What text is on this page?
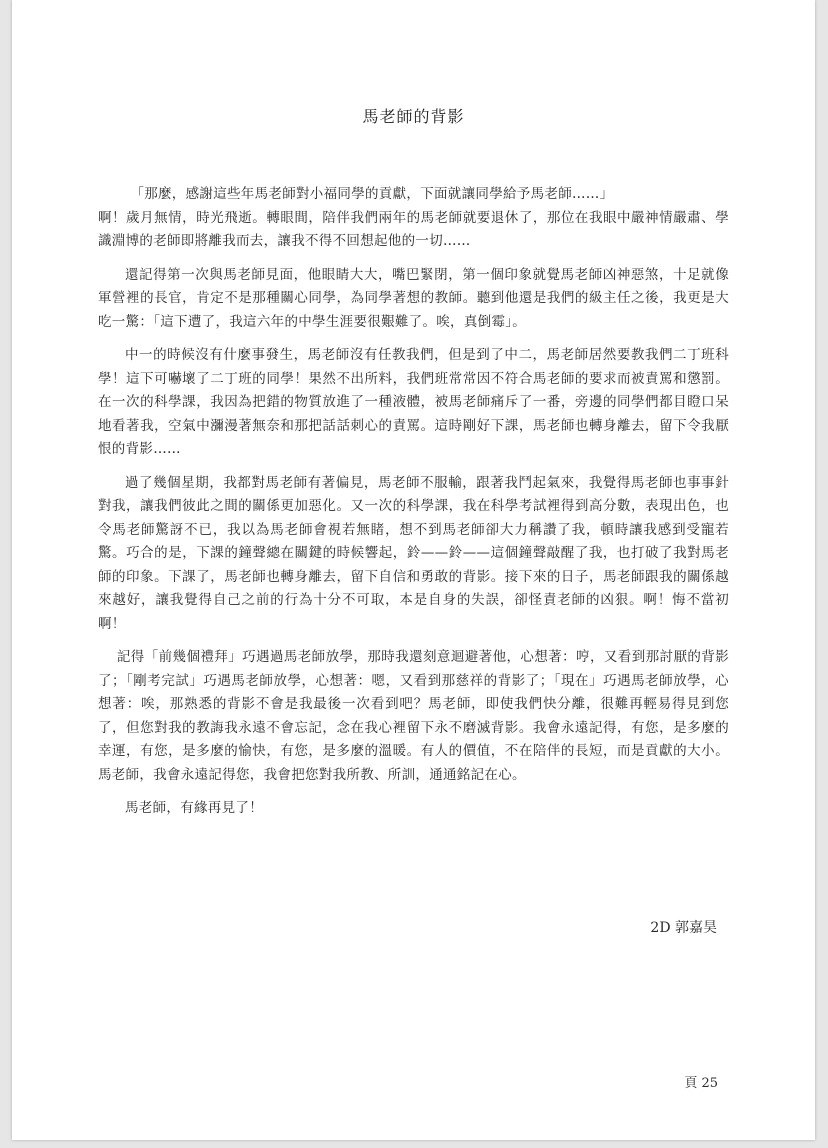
馬老師的背影

「那麼，感謝這些年馬老師對小福同學的貢獻，下面就讓同學給予馬老師……」
啊！歲月無情，時光飛逝。轉眼間，陪伴我們兩年的馬老師就要退休了，那位在我眼中嚴神情嚴肅、學識淵博的老師即將離我而去，讓我不得不回想起他的一切……

還記得第一次與馬老師見面，他眼睛大大，嘴巴緊閉，第一個印象就覺馬老師凶神惡煞，十足就像軍營裡的長官，肯定不是那種關心同學，為同學著想的教師。聽到他還是我們的級主任之後，我更是大吃一驚：「這下遭了，我這六年的中學生涯要很艱難了。唉，真倒霉」。

中一的時候沒有什麼事發生，馬老師沒有任教我們，但是到了中二，馬老師居然要教我們二丁班科學！這下可嚇壞了二丁班的同學！果然不出所料，我們班常常因不符合馬老師的要求而被責罵和懲罰。在一次的科學課，我因為把錯的物質放進了一種液體，被馬老師痛斥了一番，旁邊的同學們都目瞪口呆地看著我，空氣中瀰漫著無奈和那把話話刺心的責罵。這時剛好下課，馬老師也轉身離去，留下令我厭恨的背影……

過了幾個星期，我都對馬老師有著偏見，馬老師不服輸，跟著我鬥起氣來，我覺得馬老師也事事針對我，讓我們彼此之間的關係更加惡化。又一次的科學課，我在科學考試裡得到高分數，表現出色，也令馬老師驚訝不已，我以為馬老師會視若無睹，想不到馬老師卻大力稱讚了我，頓時讓我感到受寵若驚。巧合的是，下課的鐘聲總在關鍵的時候響起，鈴——鈴——這個鐘聲敲醒了我，也打破了我對馬老師的印象。下課了，馬老師也轉身離去，留下自信和勇敢的背影。接下來的日子，馬老師跟我的關係越來越好，讓我覺得自己之前的行為十分不可取，本是自身的失誤，卻怪責老師的凶狠。啊！悔不當初啊！

記得「前幾個禮拜」巧遇過馬老師放學，那時我還刻意迴避著他，心想著：哼，又看到那討厭的背影了；「剛考完試」巧遇馬老師放學，心想著：嗯，又看到那慈祥的背影了；「現在」巧遇馬老師放學，心想著：唉，那熟悉的背影不會是我最後一次看到吧？馬老師，即使我們快分離，很難再輕易得見到您了，但您對我的教誨我永遠不會忘記，念在我心裡留下永不磨滅背影。我會永遠記得，有您，是多麼的幸運，有您，是多麼的愉快，有您，是多麼的溫暖。有人的價值，不在陪伴的長短，而是貢獻的大小。馬老師，我會永遠記得您，我會把您對我所教、所訓，通通銘記在心。

馬老師，有緣再見了！

2D 郭嘉昊
頁 25
